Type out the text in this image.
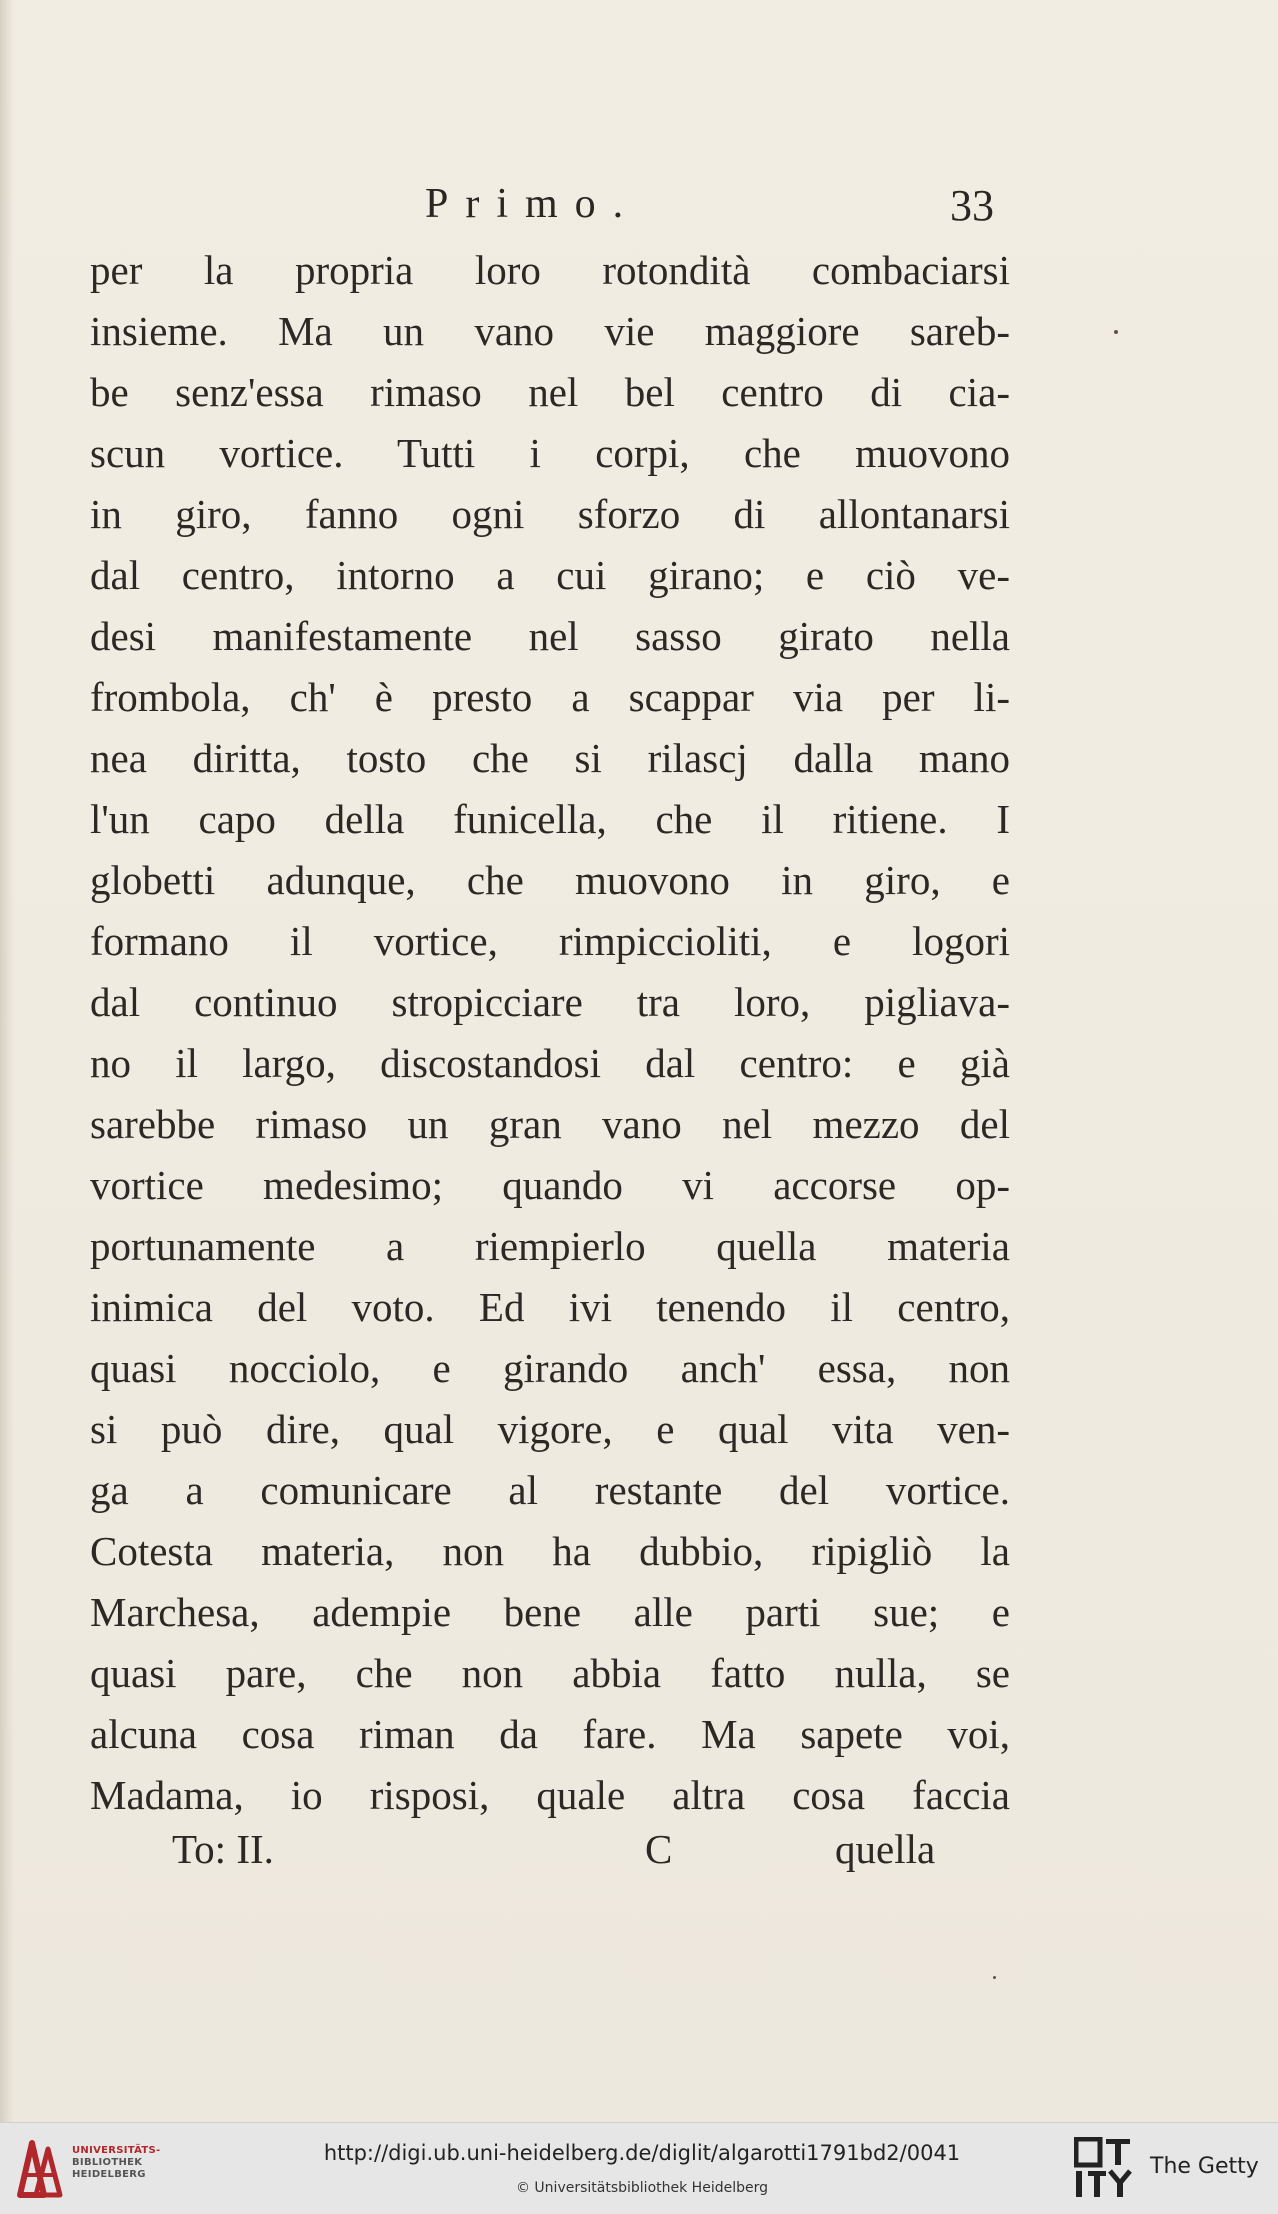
Primo.	33
per la propria loro rotondità combaciarsi
insieme. Ma un vano vie maggiore sareb-
be senz'essa rimaso nel bel centro di cia-
scun vortice. Tutti i corpi, che muovono
in giro, fanno ogni sforzo di allontanarsi
dal centro, intorno a cui girano; e ciò ve-
desi manifestamente nel sasso girato nella
frombola, ch' è presto a scappar via per li-
nea diritta, tosto che si rilascj dalla mano
l'un capo della funicella, che il ritiene. I
globetti adunque, che muovono in giro, e
formano il vortice, rimpiccioliti, e logori
dal continuo stropicciare tra loro, pigliava-
no il largo, discostandosi dal centro: e già
sarebbe rimaso un gran vano nel mezzo del
vortice medesimo; quando vi accorse op-
portunamente a riempierlo quella materia
inimica del voto. Ed ivi tenendo il centro,
quasi nocciolo, e girando anch' essa, non
si può dire, qual vigore, e qual vita ven-
ga a comunicare al restante del vortice.
Cotesta materia, non ha dubbio, ripigliò la
Marchesa, adempie bene alle parti sue; e
quasi pare, che non abbia fatto nulla, se
alcuna cosa riman da fare. Ma sapete voi,
Madama, io risposi, quale altra cosa faccia
To: II.	C	quella
UNIVERSITÄTS-
BIBLIOTHEK
HEIDELBERG
http://digi.ub.uni-heidelberg.de/diglit/algarotti1791bd2/0041
© Universitätsbibliothek Heidelberg
The Getty
